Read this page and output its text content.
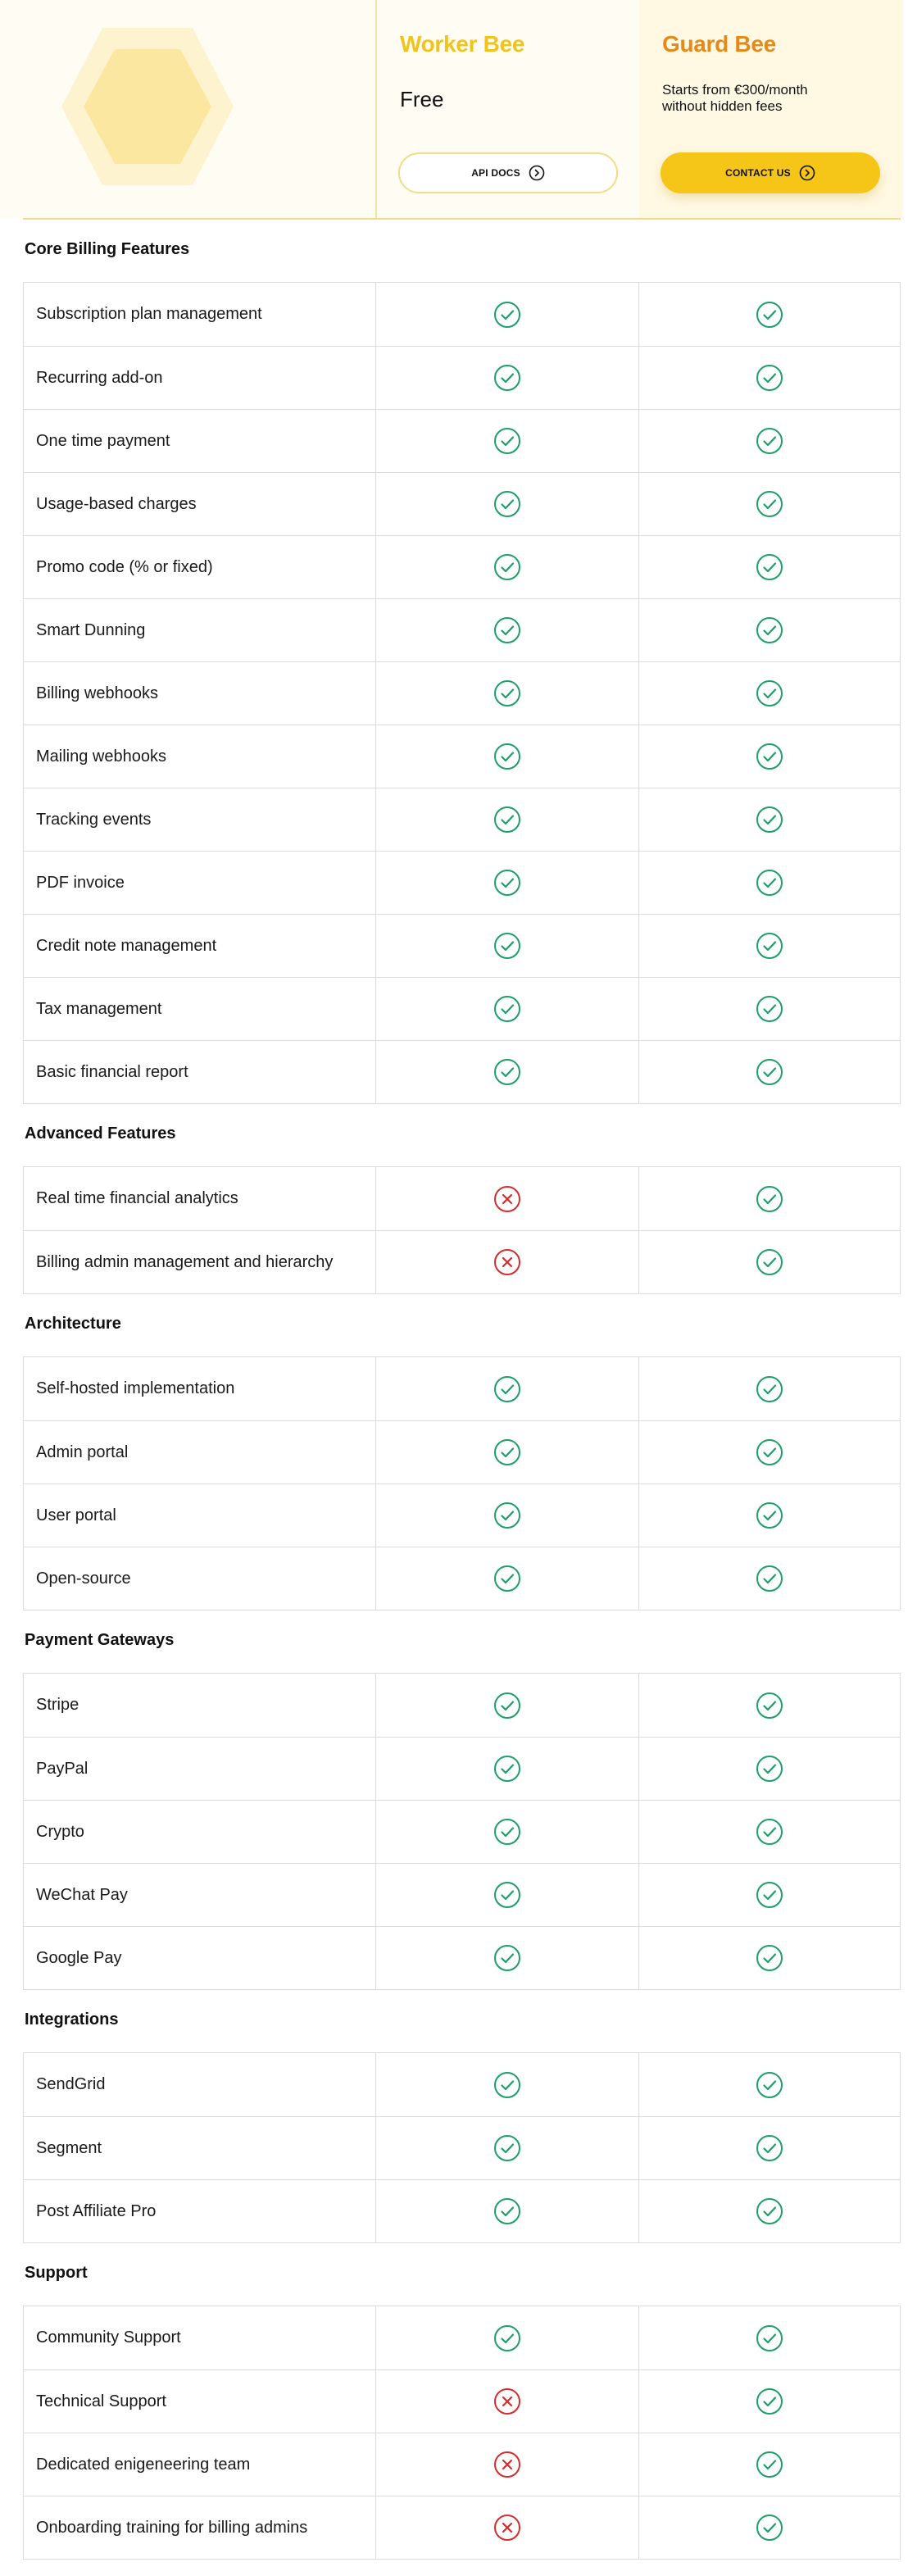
Worker Bee
Free
API DOCS
Guard Bee
Starts from €300/month
without hidden fees
CONTACT US
Core Billing Features
Subscription plan management
Recurring add-on
One time payment
Usage-based charges
Promo code (% or fixed)
Smart Dunning
Billing webhooks
Mailing webhooks
Tracking events
PDF invoice
Credit note management
Tax management
Basic financial report
Advanced Features
Real time financial analytics
Billing admin management and hierarchy
Architecture
Self-hosted implementation
Admin portal
User portal
Open-source
Payment Gateways
Stripe
PayPal
Crypto
WeChat Pay
Google Pay
Integrations
SendGrid
Segment
Post Affiliate Pro
Support
Community Support
Technical Support
Dedicated enigeneering team
Onboarding training for billing admins
